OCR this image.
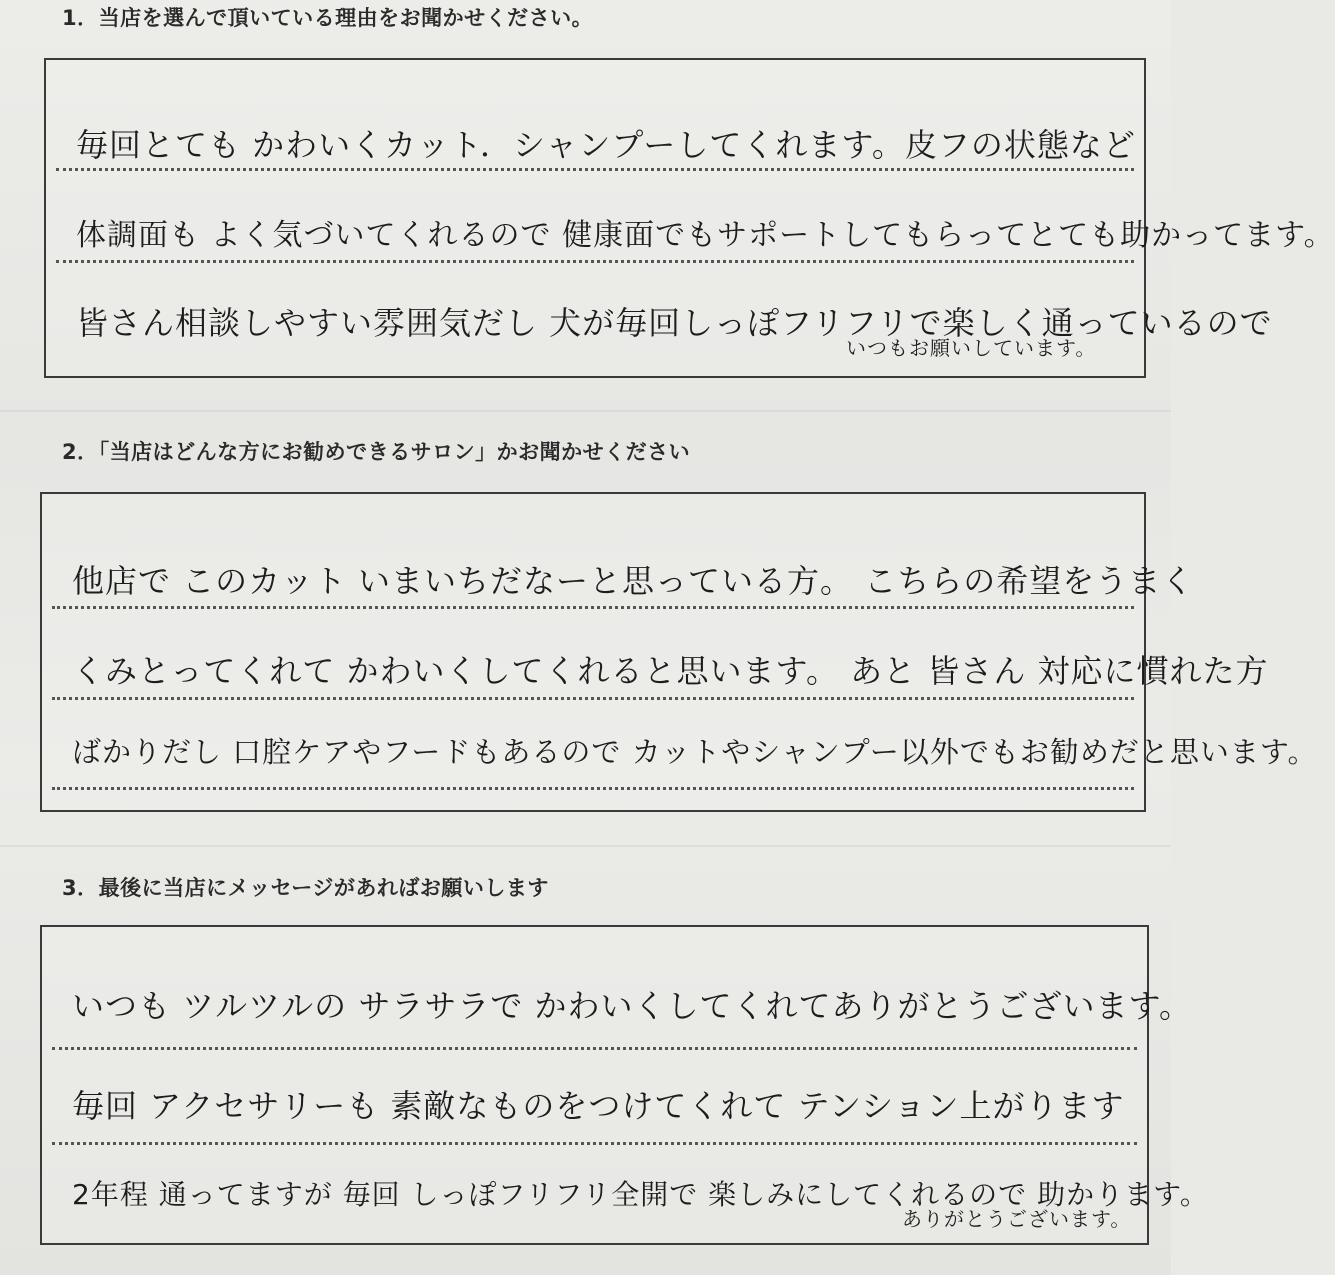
1．当店を選んで頂いている理由をお聞かせください。
毎回とても かわいくカット．シャンプーしてくれます。皮フの状態など
体調面も よく気づいてくれるので 健康面でもサポートしてもらってとても助かってます。
皆さん相談しやすい雰囲気だし 犬が毎回しっぽフリフリで楽しく通っているので
いつもお願いしています。
2．「当店はどんな方にお勧めできるサロン」かお聞かせください
他店で このカット いまいちだなーと思っている方。 こちらの希望をうまく
くみとってくれて かわいくしてくれると思います。 あと 皆さん 対応に慣れた方
ばかりだし 口腔ケアやフードもあるので カットやシャンプー以外でもお勧めだと思います。
3．最後に当店にメッセージがあればお願いします
いつも ツルツルの サラサラで かわいくしてくれてありがとうございます。
毎回 アクセサリーも 素敵なものをつけてくれて テンション上がります
2年程 通ってますが 毎回 しっぽフリフリ全開で 楽しみにしてくれるので 助かります。
ありがとうございます。
